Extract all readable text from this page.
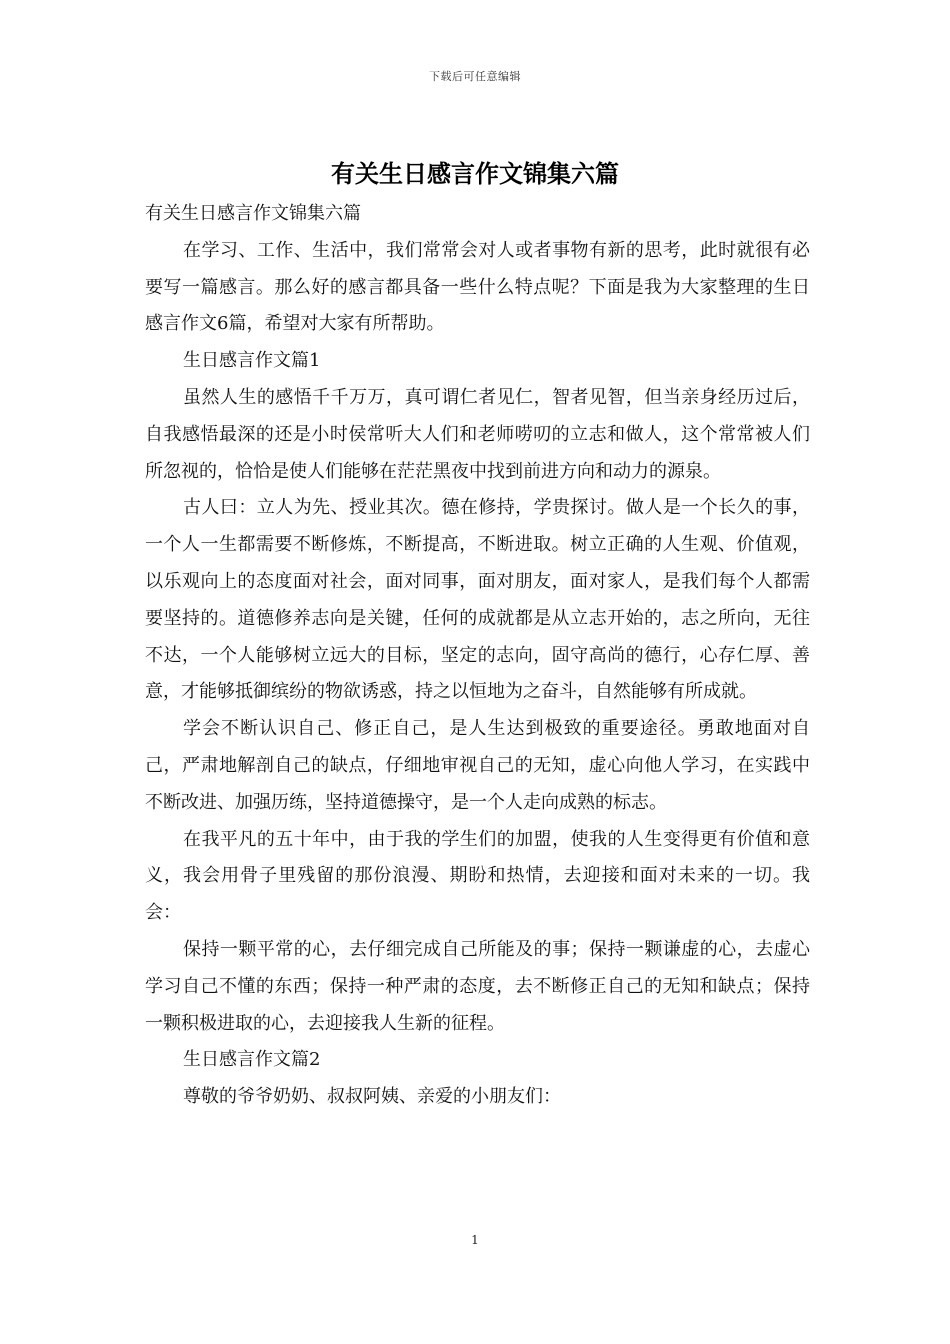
下载后可任意编辑
有关生日感言作文锦集六篇

有关生日感言作文锦集六篇

在学习、工作、生活中，我们常常会对人或者事物有新的思考，此时就很有必要写一篇感言。那么好的感言都具备一些什么特点呢？下面是我为大家整理的生日感言作文6篇，希望对大家有所帮助。

生日感言作文篇1

虽然人生的感悟千千万万，真可谓仁者见仁，智者见智，但当亲身经历过后，自我感悟最深的还是小时侯常听大人们和老师唠叨的立志和做人，这个常常被人们所忽视的，恰恰是使人们能够在茫茫黑夜中找到前进方向和动力的源泉。

古人曰：立人为先、授业其次。德在修持，学贵探讨。做人是一个长久的事，一个人一生都需要不断修炼，不断提高，不断进取。树立正确的人生观、价值观，以乐观向上的态度面对社会，面对同事，面对朋友，面对家人，是我们每个人都需要坚持的。道德修养志向是关键，任何的成就都是从立志开始的，志之所向，无往不达，一个人能够树立远大的目标，坚定的志向，固守高尚的德行，心存仁厚、善意，才能够抵御缤纷的物欲诱惑，持之以恒地为之奋斗，自然能够有所成就。

学会不断认识自己、修正自己，是人生达到极致的重要途径。勇敢地面对自己，严肃地解剖自己的缺点，仔细地审视自己的无知，虚心向他人学习，在实践中不断改进、加强历练，坚持道德操守，是一个人走向成熟的标志。

在我平凡的五十年中，由于我的学生们的加盟，使我的人生变得更有价值和意义，我会用骨子里残留的那份浪漫、期盼和热情，去迎接和面对未来的一切。我会：

保持一颗平常的心，去仔细完成自己所能及的事；保持一颗谦虚的心，去虚心学习自己不懂的东西；保持一种严肃的态度，去不断修正自己的无知和缺点；保持一颗积极进取的心，去迎接我人生新的征程。

生日感言作文篇2

尊敬的爷爷奶奶、叔叔阿姨、亲爱的小朋友们：

1
